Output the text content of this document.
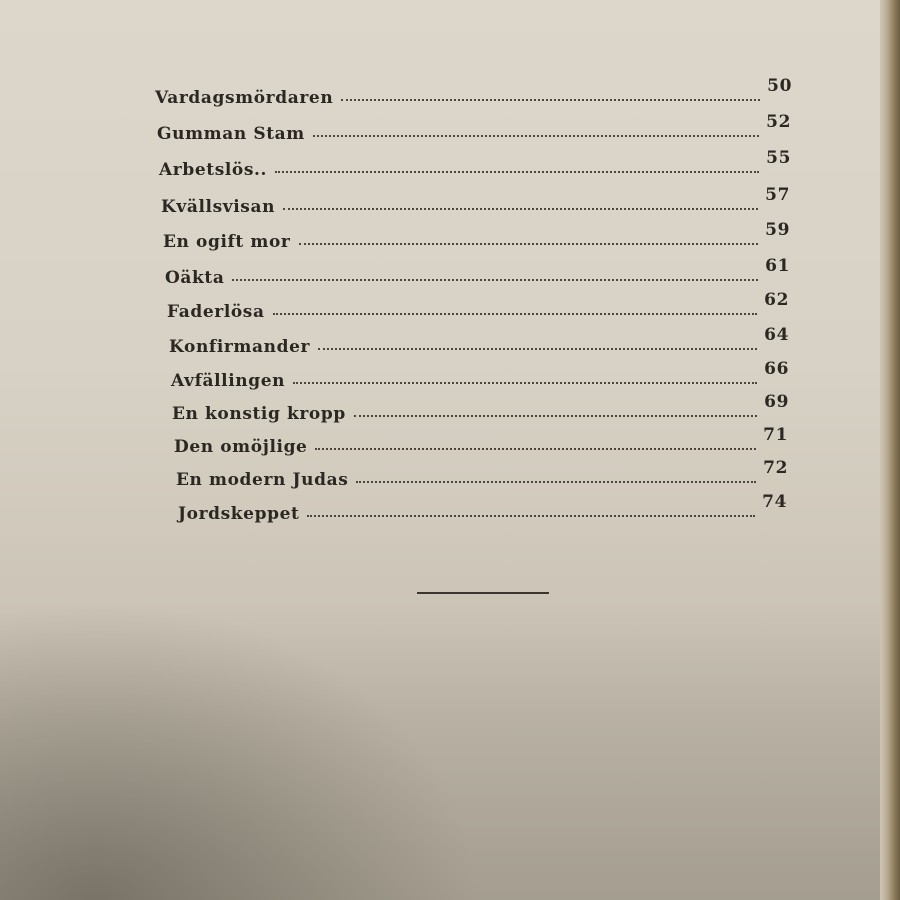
Vardagsmördaren
50
Gumman Stam
52
Arbetslös..
55
Kvällsvisan
57
En ogift mor
59
Oäkta
61
Faderlösa
62
Konfirmander
64
Avfällingen
66
En konstig kropp
69
Den omöjlige
71
En modern Judas
72
Jordskeppet
74
